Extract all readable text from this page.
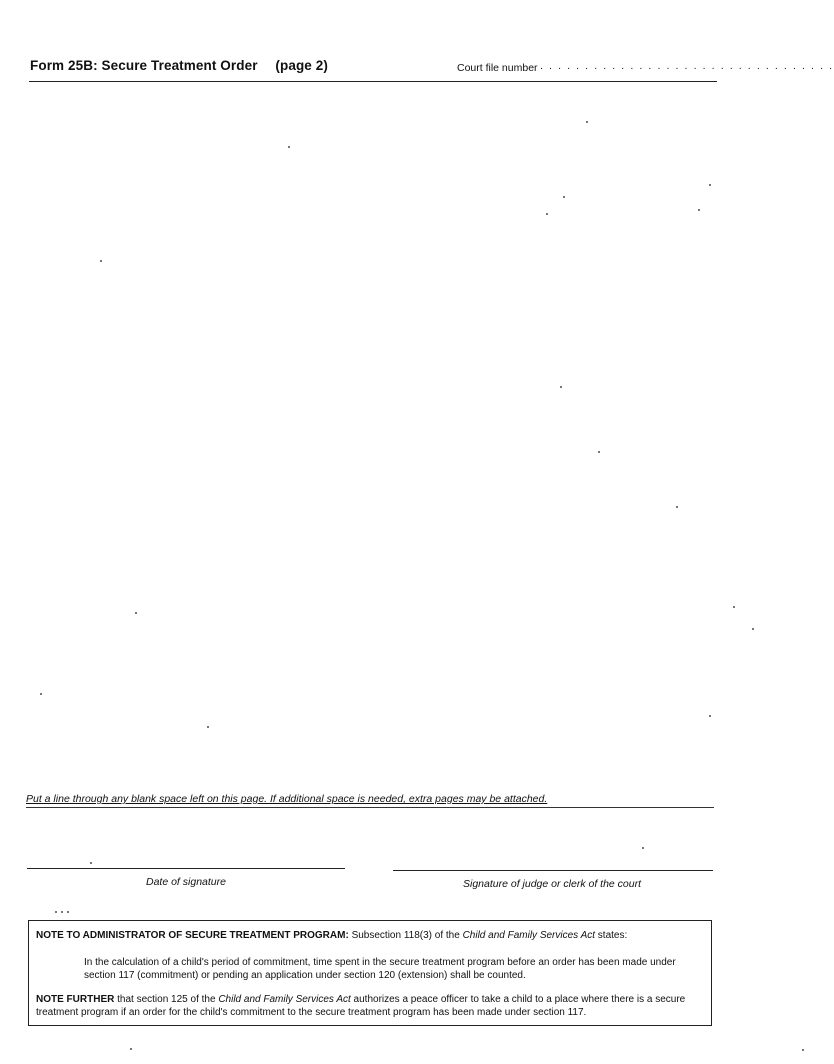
Form 25B: Secure Treatment Order (page 2)	Court file number . . . . . . . . . . . . . . . . . . . . . . . . . . . . . . . . .
Put a line through any blank space left on this page. If additional space is needed, extra pages may be attached.
Date of signature	Signature of judge or clerk of the court
NOTE TO ADMINISTRATOR OF SECURE TREATMENT PROGRAM: Subsection 118(3) of the Child and Family Services Act states:
In the calculation of a child's period of commitment, time spent in the secure treatment program before an order has been made under section 117 (commitment) or pending an application under section 120 (extension) shall be counted.
NOTE FURTHER that section 125 of the Child and Family Services Act authorizes a peace officer to take a child to a place where there is a secure treatment program if an order for the child's commitment to the secure treatment program has been made under section 117.
